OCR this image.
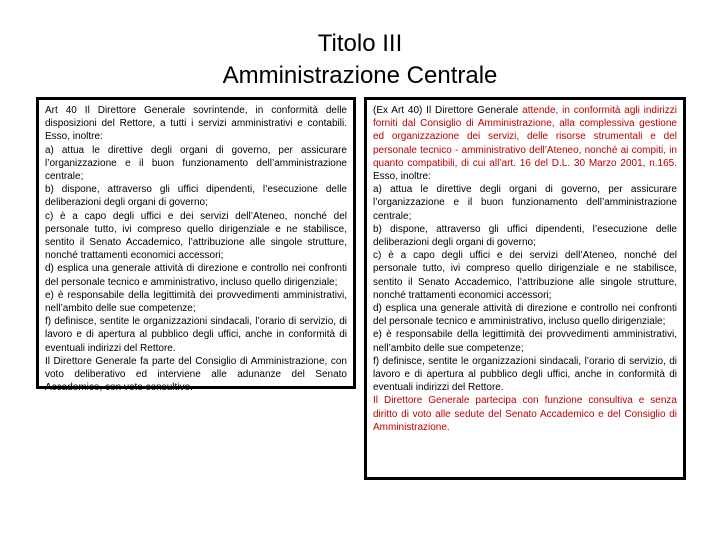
Titolo III
Amministrazione Centrale

Art 40 Il Direttore Generale sovrintende, in conformità delle disposizioni del Rettore, a tutti i servizi amministrativi e contabili. Esso, inoltre:

a) attua le direttive degli organi di governo, per assicurare l’organizzazione e il buon funzionamento dell’amministrazione centrale;

b) dispone, attraverso gli uffici dipendenti, l’esecuzione delle deliberazioni degli organi di governo;

c) è a capo degli uffici e dei servizi dell’Ateneo, nonché del personale tutto, ivi compreso quello dirigenziale e ne stabilisce, sentito il Senato Accademico, l’attribuzione alle singole strutture, nonché trattamenti economici accessori;

d) esplica una generale attività di direzione e controllo nei confronti del personale tecnico e amministrativo, incluso quello dirigenziale;

e) è responsabile della legittimità dei provvedimenti amministrativi, nell’ambito delle sue competenze;

f) definisce, sentite le organizzazioni sindacali, l’orario di servizio, di lavoro e di apertura al pubblico degli uffici, anche in conformità di eventuali indirizzi del Rettore.

Il Direttore Generale fa parte del Consiglio di Amministrazione, con voto deliberativo ed interviene alle adunanze del Senato Accademico, con voto consultivo.

(Ex Art 40) Il Direttore Generale attende, in conformità agli indirizzi forniti dal Consiglio di Amministrazione, alla complessiva gestione ed organizzazione dei servizi, delle risorse strumentali e del personale tecnico - amministrativo dell’Ateneo, nonché ai compiti, in quanto compatibili, di cui all’art. 16 del D.L. 30 Marzo 2001, n.165. Esso, inoltre:

a) attua le direttive degli organi di governo, per assicurare l’organizzazione e il buon funzionamento dell’amministrazione centrale;

b) dispone, attraverso gli uffici dipendenti, l’esecuzione delle deliberazioni degli organi di governo;

c) è a capo degli uffici e dei servizi dell’Ateneo, nonché del personale tutto, ivi compreso quello dirigenziale e ne stabilisce, sentito il Senato Accademico, l’attribuzione alle singole strutture, nonché trattamenti economici accessori;

d) esplica una generale attività di direzione e controllo nei confronti del personale tecnico e amministrativo, incluso quello dirigenziale;

e) è responsabile della legittimità dei provvedimenti amministrativi, nell’ambito delle sue competenze;

f) definisce, sentite le organizzazioni sindacali, l’orario di servizio, di lavoro e di apertura al pubblico degli uffici, anche in conformità di eventuali indirizzi del Rettore.

Il Direttore Generale partecipa con funzione consultiva e senza diritto di voto alle sedute del Senato Accademico e del Consiglio di Amministrazione.
